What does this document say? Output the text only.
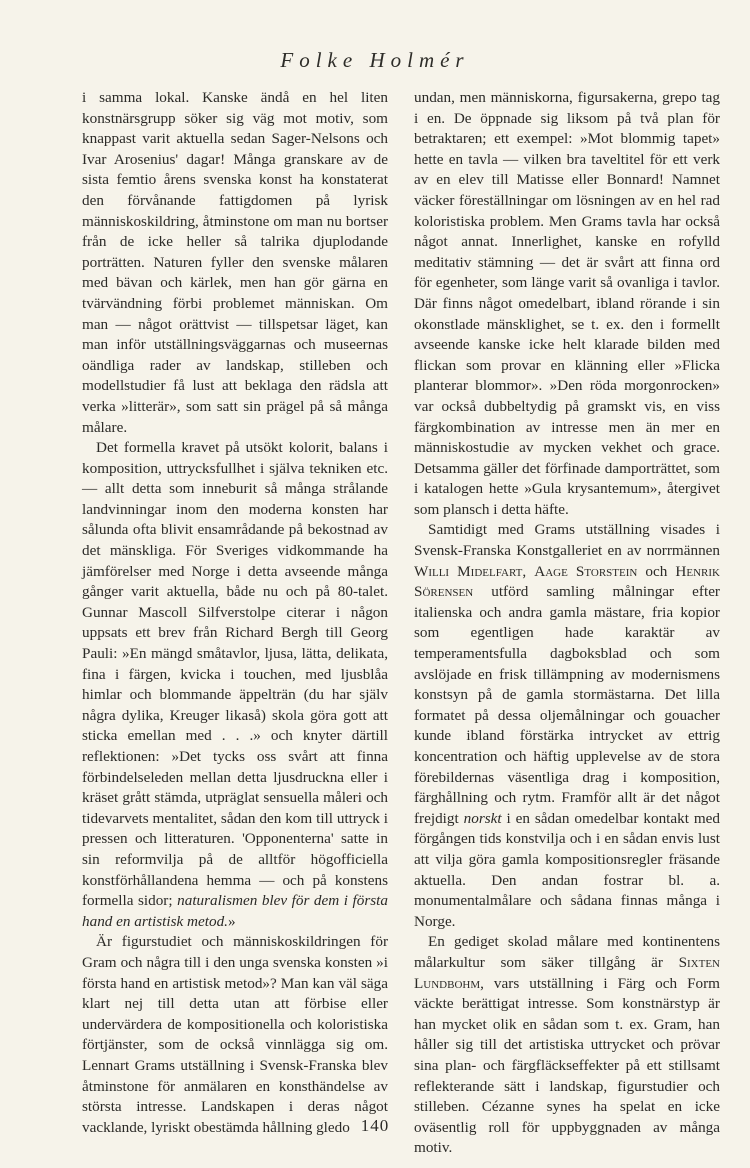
Folke Holmér

i samma lokal. Kanske ändå en hel liten konstnärsgrupp söker sig väg mot motiv, som knappast varit aktuella sedan Sager-Nelsons och Ivar Arosenius' dagar! Många granskare av de sista femtio årens svenska konst ha konstaterat den förvånande fattigdomen på lyrisk människoskildring, åtminstone om man nu bortser från de icke heller så talrika djuplodande porträtten. Naturen fyller den svenske målaren med bävan och kärlek, men han gör gärna en tvärvändning förbi problemet människan. Om man — något orättvist — tillspetsar läget, kan man inför utställningsväggarnas och museernas oändliga rader av landskap, stilleben och modellstudier få lust att beklaga den rädsla att verka »litterär», som satt sin prägel på så många målare.

Det formella kravet på utsökt kolorit, balans i komposition, uttrycksfullhet i själva tekniken etc. — allt detta som inneburit så många strålande landvinningar inom den moderna konsten har sålunda ofta blivit ensamrådande på bekostnad av det mänskliga. För Sveriges vidkommande ha jämförelser med Norge i detta avseende många gånger varit aktuella, både nu och på 80-talet. Gunnar Mascoll Silfverstolpe citerar i någon uppsats ett brev från Richard Bergh till Georg Pauli: »En mängd småtavlor, ljusa, lätta, delikata, fina i färgen, kvicka i touchen, med ljusblåa himlar och blommande äppelträn (du har själv några dylika, Kreuger likaså) skola göra gott att sticka emellan med . . .» och knyter därtill reflektionen: »Det tycks oss svårt att finna förbindelseleden mellan detta ljusdruckna eller i kräset grått stämda, utpräglat sensuella måleri och tidevarvets mentalitet, sådan den kom till uttryck i pressen och litteraturen. 'Opponenterna' satte in sin reformvilja på de alltför högofficiella konstförhållandena hemma — och på konstens formella sidor; naturalismen blev för dem i första hand en artistisk metod.»

Är figurstudiet och människoskildringen för Gram och några till i den unga svenska konsten »i första hand en artistisk metod»? Man kan väl säga klart nej till detta utan att förbise eller undervärdera de kompositionella och koloristiska förtjänster, som de också vinnlägga sig om. Lennart Grams utställning i Svensk-Franska blev åtminstone för anmälaren en konsthändelse av största intresse. Landskapen i deras något vacklande, lyriskt obestämda hållning gledo

undan, men människorna, figursakerna, grepo tag i en. De öppnade sig liksom på två plan för betraktaren; ett exempel: »Mot blommig tapet» hette en tavla — vilken bra taveltitel för ett verk av en elev till Matisse eller Bonnard! Namnet väcker föreställningar om lösningen av en hel rad koloristiska problem. Men Grams tavla har också något annat. Innerlighet, kanske en rofylld meditativ stämning — det är svårt att finna ord för egenheter, som länge varit så ovanliga i tavlor. Där finns något omedelbart, ibland rörande i sin okonstlade mänsklighet, se t. ex. den i formellt avseende kanske icke helt klarade bilden med flickan som provar en klänning eller »Flicka planterar blommor». »Den röda morgonrocken» var också dubbeltydig på gramskt vis, en viss färgkombination av intresse men än mer en människostudie av mycken vekhet och grace. Detsamma gäller det förfinade damporträttet, som i katalogen hette »Gula krysantemum», återgivet som plansch i detta häfte.

Samtidigt med Grams utställning visades i Svensk-Franska Konstgalleriet en av norrmännen Willi Midelfart, Aage Storstein och Henrik Sörensen utförd samling målningar efter italienska och andra gamla mästare, fria kopior som egentligen hade karaktär av temperamentsfulla dagboksblad och som avslöjade en frisk tillämpning av modernismens konstsyn på de gamla stormästarna. Det lilla formatet på dessa oljemålningar och gouacher kunde ibland förstärka intrycket av ettrig koncentration och häftig upplevelse av de stora förebildernas väsentliga drag i komposition, färghållning och rytm. Framför allt är det något frejdigt norskt i en sådan omedelbar kontakt med förgången tids konstvilja och i en sådan envis lust att vilja göra gamla kompositionsregler fräsande aktuella. Den andan fostrar bl. a. monumentalmålare och sådana finnas många i Norge.

En gediget skolad målare med kontinentens målarkultur som säker tillgång är Sixten Lundbohm, vars utställning i Färg och Form väckte berättigat intresse. Som konstnärstyp är han mycket olik en sådan som t. ex. Gram, han håller sig till det artistiska uttrycket och prövar sina plan- och färgfläckseffekter på ett stillsamt reflekterande sätt i landskap, figurstudier och stilleben. Cézanne synes ha spelat en icke oväsentlig roll för uppbyggnaden av många motiv.

140
